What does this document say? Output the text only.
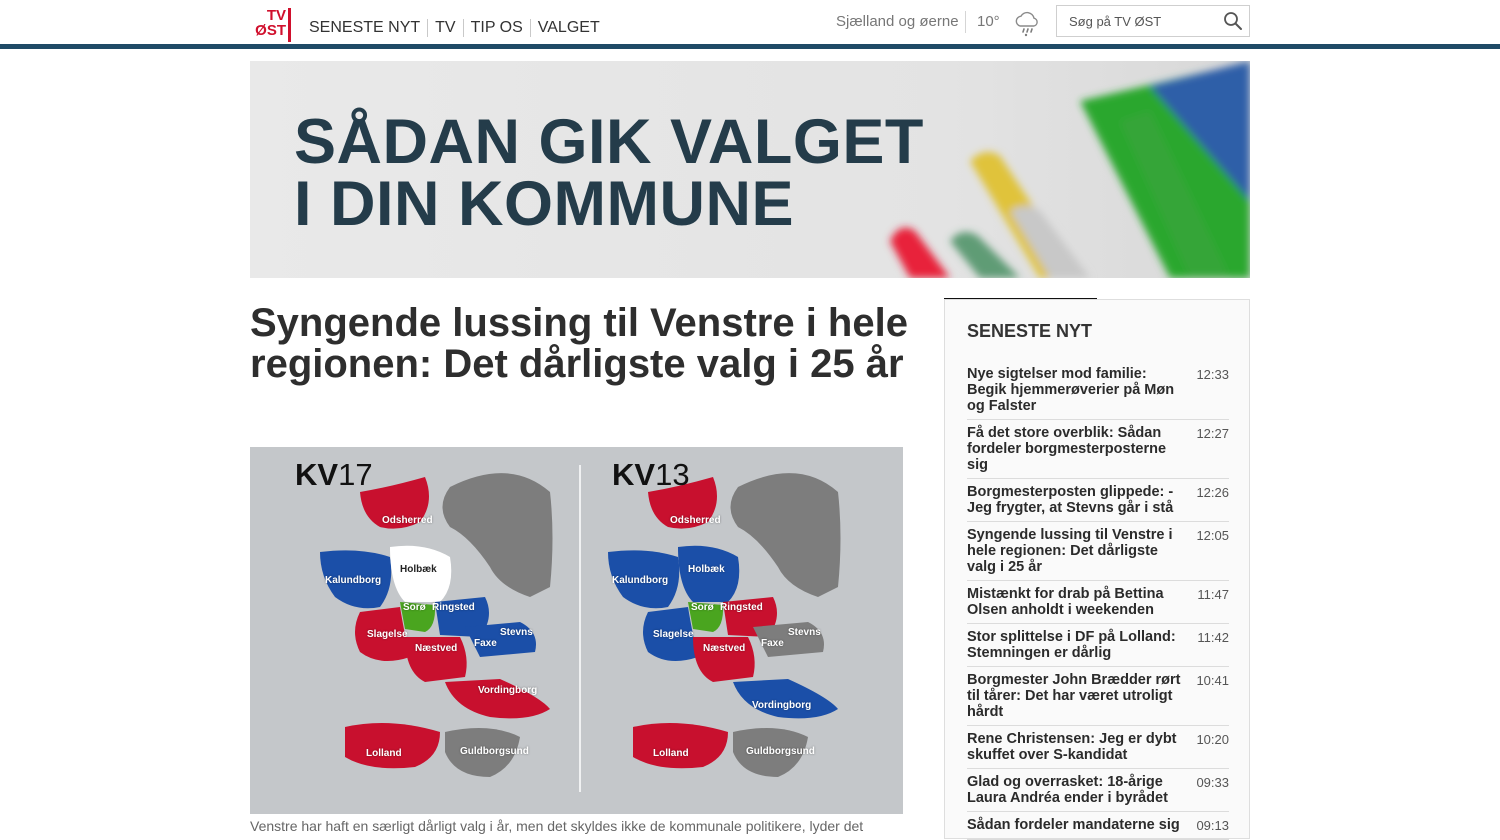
TV
ØST	SENESTE NYT TV TIP OS VALGET	Sjælland og øerne 10°
Søg på TV ØST
SÅDAN GIK VALGET
I DIN KOMMUNE
Syngende lussing til Venstre i hele regionen: Det dårligste valg i 25 år
KV17	KV13
Odsherred
Holbæk
Kalundborg
Sorø Ringsted
Slagelse	Stevns
Faxe
Næstved
Vordingborg
Lolland	Guldborgsund
Odsherred
Holbæk
Kalundborg
Sorø Ringsted
Slagelse	Stevns
Faxe
Næstved
Vordingborg
Lolland	Guldborgsund
Venstre har haft en særligt dårligt valg i år, men det skyldes ikke de kommunale politikere, lyder det
SENESTE NYT
Nye sigtelser mod familie: Begik hjemmerøverier på Møn og Falster
12:33
Få det store overblik: Sådan fordeler borgmesterposterne sig
12:27
Borgmesterposten glippede: - Jeg frygter, at Stevns går i stå
12:26
Syngende lussing til Venstre i hele regionen: Det dårligste valg i 25 år
12:05
Mistænkt for drab på Bettina Olsen anholdt i weekenden
11:47
Stor splittelse i DF på Lolland: Stemningen er dårlig
11:42
Borgmester John Brædder rørt til tårer: Det har været utroligt hårdt
10:41
Rene Christensen: Jeg er dybt skuffet over S-kandidat
10:20
Glad og overrasket: 18-årige Laura Andréa ender i byrådet
09:33
Sådan fordeler mandaterne sig	09:13
